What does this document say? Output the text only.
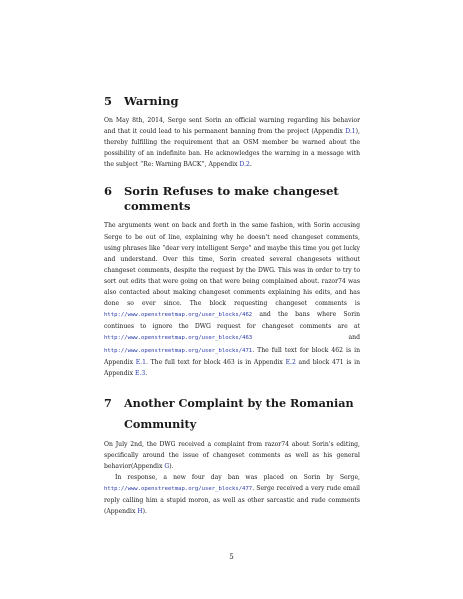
5	Warning

On May 8th, 2014, Serge sent Sorin an official warning regarding his behavior and that it could lead to his permanent banning from the project (Appendix D.1), thereby fulfilling the requirement that an OSM member be warned about the possibility of an indefinite ban. He acknowledges the warning in a message with the subject “Re: Warning BACK”, Appendix D.2.

6	Sorin Refuses to make changeset comments

The arguments went on back and forth in the same fashion, with Sorin accusing Serge to be out of line, explaining why he doesn't need changeset comments, using phrases like “dear very intelligent Serge” and maybe this time you get lucky and understand. Over this time, Sorin created several changesets without changeset comments, despite the request by the DWG. This was in order to try to sort out edits that were going on that were being complained about. razor74 was also contacted about making changeset comments explaining his edits, and has done so ever since. The block requesting changeset comments is http://www.openstreetmap.org/user_blocks/462 and the bans where Sorin continues to ignore the DWG request for changeset comments are at http://www.openstreetmap.org/user_blocks/463 and http://www.openstreetmap.org/user_blocks/471. The full text for block 462 is in Appendix E.1. The full text for block 463 is in Appendix E.2 and block 471 is in Appendix E.3.

7	Another Complaint by the Romanian Community

On July 2nd, the DWG received a complaint from razor74 about Sorin's editing, specifically around the issue of changeset comments as well as his general behavior(Appendix G).

In response, a new four day ban was placed on Sorin by Serge, http://www.openstreetmap.org/user_blocks/477. Serge received a very rude email reply calling him a stupid moron, as well as other sarcastic and rude comments (Appendix H).

5
